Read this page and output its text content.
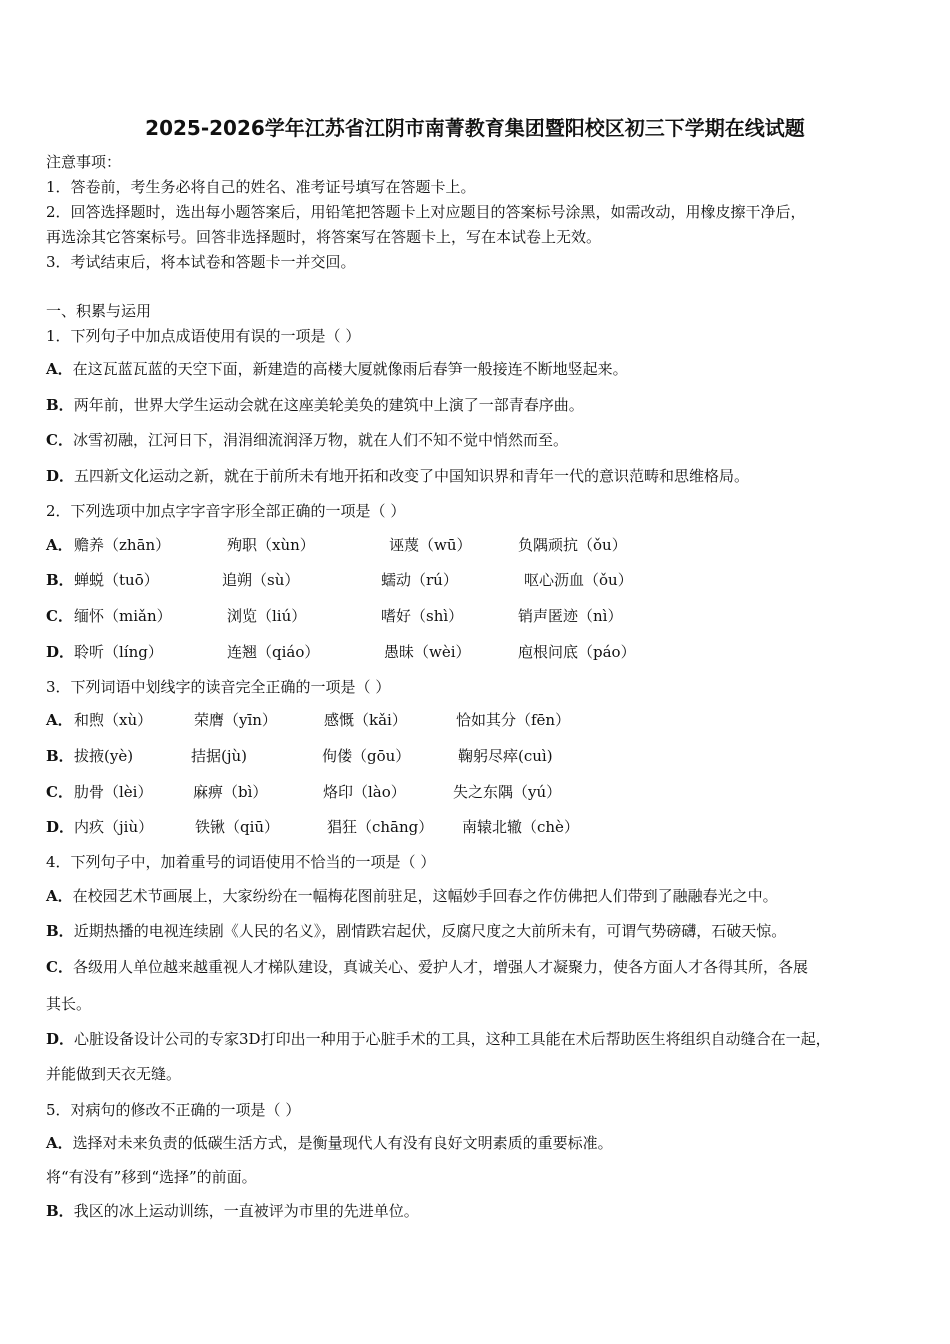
2025-2026学年江苏省江阴市南菁教育集团暨阳校区初三下学期在线试题
注意事项：
1．答卷前，考生务必将自己的姓名、准考证号填写在答题卡上。
2．回答选择题时，选出每小题答案后，用铅笔把答题卡上对应题目的答案标号涂黑，如需改动，用橡皮擦干净后，
再选涂其它答案标号。回答非选择题时，将答案写在答题卡上，写在本试卷上无效。
3．考试结束后，将本试卷和答题卡一并交回。
一、积累与运用
1．下列句子中加点成语使用有误的一项是（ ）
A．在这瓦蓝瓦蓝的天空下面，新建造的高楼大厦就像雨后春笋一般接连不断地竖起来。
B．两年前，世界大学生运动会就在这座美轮美奂的建筑中上演了一部青春序曲。
C．冰雪初融，江河日下，涓涓细流润泽万物，就在人们不知不觉中悄然而至。
D．五四新文化运动之新，就在于前所未有地开拓和改变了中国知识界和青年一代的意识范畴和思维格局。
2．下列选项中加点字字音字形全部正确的一项是（ ）
A． 赡养（zhān）	殉职（xùn）	诬蔑（wū）	负隅顽抗（ǒu）
B． 蝉蜕（tuō）	追朔（sù）	蠕动（rú）	呕心沥血（ǒu）
C． 缅怀（miǎn）	浏览（liú）	嗜好（shì）	销声匿迹（nì）
D． 聆听（líng）	连翘（qiáo）	愚昧（wèi）	庖根问底（páo）
3．下列词语中划线字的读音完全正确的一项是（ ）
A． 和煦（xù）	荣膺（yīn）	感慨（kǎi）	恰如其分（fēn）
B． 拔掖(yè)	拮据(jù)	佝偻（gōu）	鞠躬尽瘁(cuì)
C． 肋骨（lèi）	麻痹（bì）	烙印（lào）	失之东隅（yú）
D． 内疚（jiù）	铁锹（qiū）	猖狂（chāng） 南辕北辙（chè）
4．下列句子中，加着重号的词语使用不恰当的一项是（ ）
A．在校园艺术节画展上，大家纷纷在一幅梅花图前驻足，这幅妙手回春之作仿佛把人们带到了融融春光之中。
B．近期热播的电视连续剧《人民的名义》，剧情跌宕起伏，反腐尺度之大前所未有，可谓气势磅礴，石破天惊。
C．各级用人单位越来越重视人才梯队建设，真诚关心、爱护人才，增强人才凝聚力，使各方面人才各得其所，各展
其长。
D．心脏设备设计公司的专家3D打印出一种用于心脏手术的工具，这种工具能在术后帮助医生将组织自动缝合在一起，
并能做到天衣无缝。
5．对病句的修改不正确的一项是（ ）
A．选择对未来负责的低碳生活方式，是衡量现代人有没有良好文明素质的重要标准。
将“有没有”移到“选择”的前面。
B．我区的冰上运动训练，一直被评为市里的先进单位。
